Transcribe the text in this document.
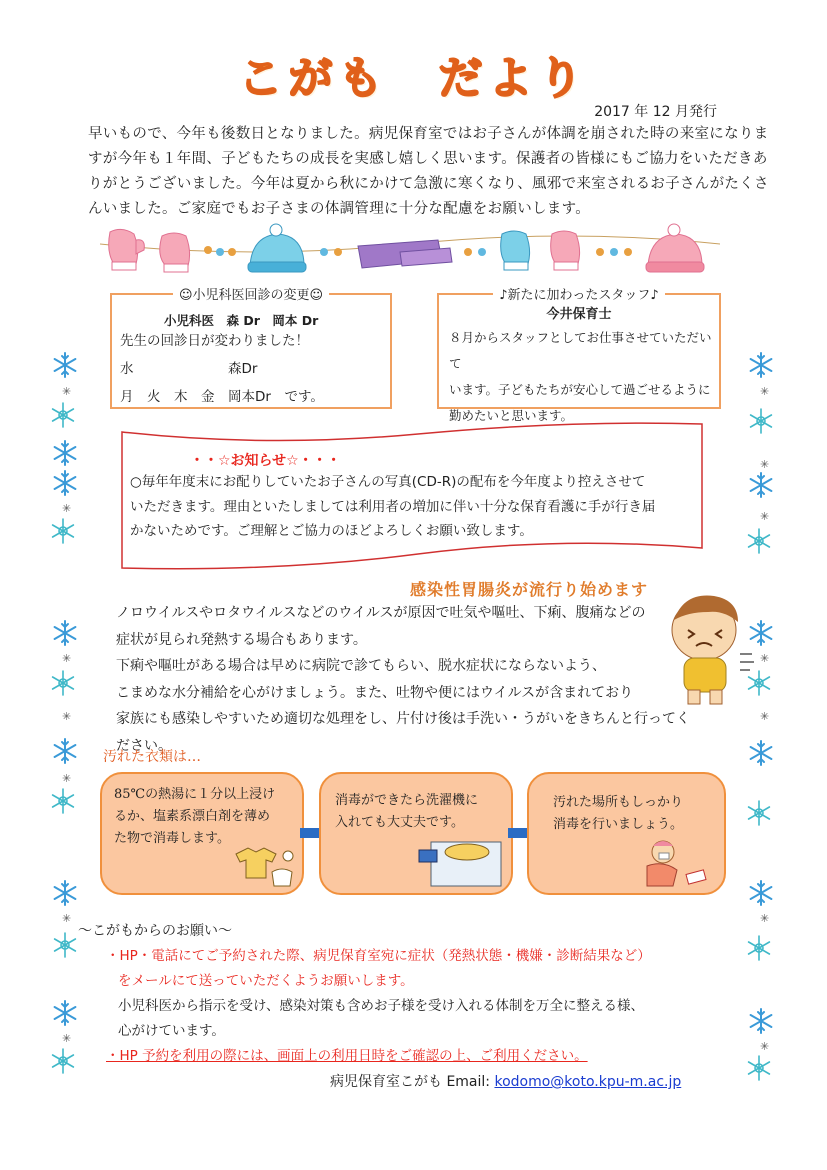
✳
✳
✳
✳
✳
✳
✳
✳
✳
✳
✳
✳
✳
✳
こがも　だより
2017 年 12 月発行
早いもので、今年も後数日となりました。病児保育室ではお子さんが体調を崩された時の来室になりま
すが今年も１年間、子どもたちの成長を実感し嬉しく思います。保護者の皆様にもご協力をいただきあ
りがとうございました。今年は夏から秋にかけて急激に寒くなり、風邪で来室されるお子さんがたくさ
んいました。ご家庭でもお子さまの体調管理に十分な配慮をお願いします。
☺小児科医回診の変更☺
小児科医　森 Dr　岡本 Dr
先生の回診日が変わりました！
水　　　　　　　森Dr
月　火　木　金　岡本Dr　です。
♪新たに加わったスタッフ♪
今井保育士
８月からスタッフとしてお仕事させていただいて
います。子どもたちが安心して過ごせるように
勤めたいと思います。
・・☆お知らせ☆・・・
○毎年年度末にお配りしていたお子さんの写真(CD-R)の配布を今年度より控えさせて
いただきます。理由といたしましては利用者の増加に伴い十分な保育看護に手が行き届
かないためです。ご理解とご協力のほどよろしくお願い致します。
感染性胃腸炎が流行り始めます
ノロウイルスやロタウイルスなどのウイルスが原因で吐気や嘔吐、下痢、腹痛などの
症状が見られ発熱する場合もあります。
下痢や嘔吐がある場合は早めに病院で診てもらい、脱水症状にならないよう、
こまめな水分補給を心がけましょう。また、吐物や便にはウイルスが含まれており
家族にも感染しやすいため適切な処理をし、片付け後は手洗い・うがいをきちんと行ってく
ださい。
汚れた衣類は…
85℃の熱湯に１分以上浸け
るか、塩素系漂白剤を薄め
た物で消毒します。
消毒ができたら洗濯機に
入れても大丈夫です。
汚れた場所もしっかり
消毒を行いましょう。
～こがもからのお願い～
・HP・電話にてご予約された際、病児保育室宛に症状（発熱状態・機嫌・診断結果など）
をメールにて送っていただくようお願いします。
小児科医から指示を受け、感染対策も含めお子様を受け入れる体制を万全に整える様、
心がけています。
・HP 予約を利用の際には、画面上の利用日時をご確認の上、ご利用ください。
病児保育室こがも Email: kodomo@koto.kpu-m.ac.jp
